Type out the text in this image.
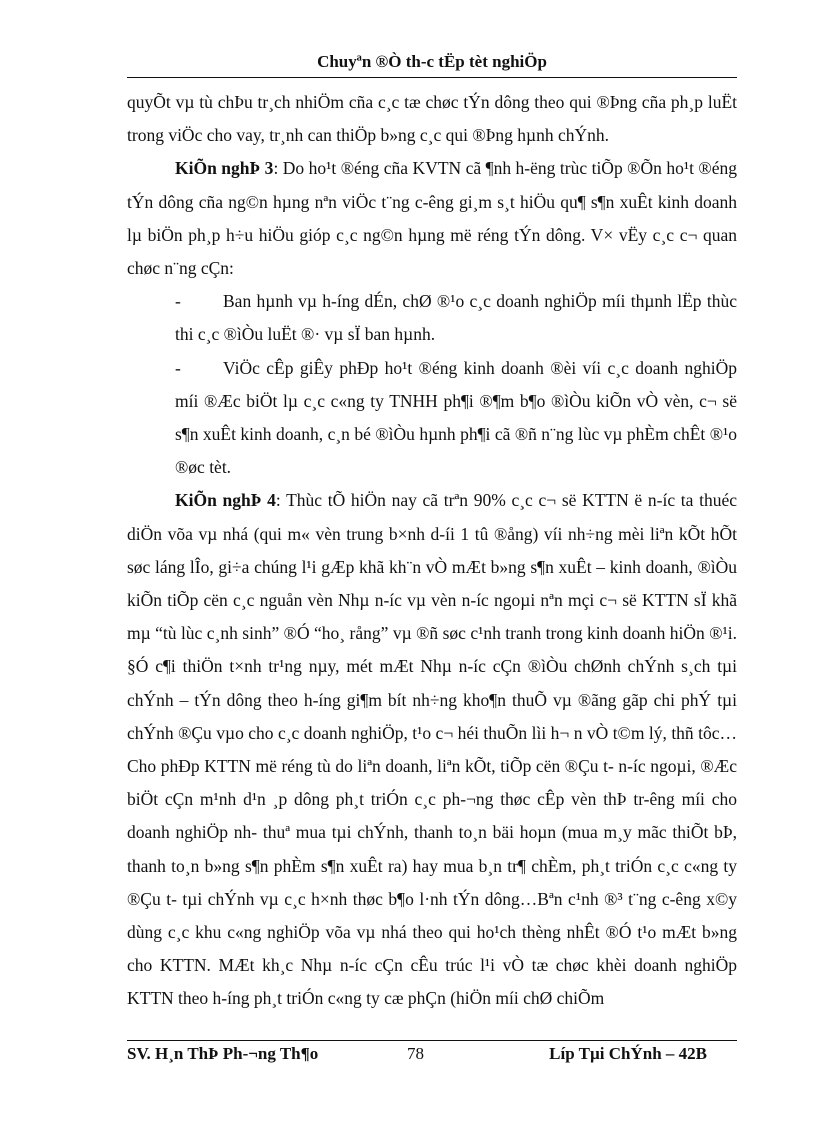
Chuyªn ®Ò th-c tËp tèt nghiÖp

quyÕt vµ tù chÞu tr¸ch nhiÖm cña c¸c tæ chøc tÝn dông theo qui ®Þng cña ph¸p luËt trong viÖc cho vay, tr¸nh can thiÖp b»ng c¸c qui ®Þng hµnh chÝnh.

KiÕn nghÞ 3: Do ho¹t ®éng cña KVTN cã ¶nh h-ëng trùc tiÕp ®Õn ho¹t ®éng tÝn dông cña ng©n hµng nªn viÖc t¨ng c-êng gi¸m s¸t hiÖu qu¶ s¶n xuÊt kinh doanh lµ biÖn ph¸p h÷u hiÖu gióp c¸c ng©n hµng më réng tÝn dông. V× vËy c¸c c¬ quan chøc n¨ng cÇn:

- Ban hµnh vµ h-íng dÉn, chØ ®¹o c¸c doanh nghiÖp míi thµnh lËp thùc thi c¸c ®ìÒu luËt ®· vµ sÏ ban hµnh.

- ViÖc cÊp giÊy phÐp ho¹t ®éng kinh doanh ®èi víi c¸c doanh nghiÖp míi ®Æc biÖt lµ c¸c c«ng ty TNHH ph¶i ®¶m b¶o ®ìÒu kiÕn vÒ vèn, c¬ së s¶n xuÊt kinh doanh, c¸n bé ®ìÒu hµnh ph¶i cã ®ñ n¨ng lùc vµ phÈm chÊt ®¹o ®øc tèt.

KiÕn nghÞ 4: Thùc tÕ hiÖn nay cã trªn 90% c¸c c¬ së KTTN ë n-íc ta thuéc diÖn võa vµ nhá (qui m« vèn trung b×nh d-íi 1 tû ®ång) víi nh÷ng mèi liªn kÕt hÕt søc láng lÎo, gi÷a chúng l¹i gÆp khã kh¨n vÒ mÆt b»ng s¶n xuÊt – kinh doanh, ®ìÒu kiÕn tiÕp cën c¸c nguån vèn Nhµ n-íc vµ vèn n-íc ngoµi nªn mçi c¬ së KTTN sÏ khã mµ “tù lùc c¸nh sinh” ®Ó “ho¸ rång” vµ ®ñ søc c¹nh tranh trong kinh doanh hiÖn ®¹i. §Ó c¶i thiÖn t×nh tr¹ng nµy, mét mÆt Nhµ n-íc cÇn ®ìÒu chØnh chÝnh s¸ch tµi chÝnh – tÝn dông theo h-íng gi¶m bít nh÷ng kho¶n thuÕ vµ ®ãng gãp chi phÝ tµi chÝnh ®Çu vµo cho c¸c doanh nghiÖp, t¹o c¬ héi thuÕn lìi h¬ n vÒ t©m lý, thñ tôc…Cho phÐp KTTN më réng tù do liªn doanh, liªn kÕt, tiÕp cën ®Çu t- n-íc ngoµi, ®Æc biÖt cÇn m¹nh d¹n ¸p dông ph¸t triÓn c¸c ph-¬ng thøc cÊp vèn thÞ tr-êng míi cho doanh nghiÖp nh- thuª mua tµi chÝnh, thanh to¸n bäi hoµn (mua m¸y mãc thiÕt bÞ, thanh to¸n b»ng s¶n phÈm s¶n xuÊt ra) hay mua b¸n tr¶ chÈm, ph¸t triÓn c¸c c«ng ty ®Çu t- tµi chÝnh vµ c¸c h×nh thøc b¶o l·nh tÝn dông…Bªn c¹nh ®³ t¨ng c-êng x©y dùng c¸c khu c«ng nghiÖp võa vµ nhá theo qui ho¹ch thèng nhÊt ®Ó t¹o mÆt b»ng cho KTTN. MÆt kh¸c Nhµ n-íc cÇn cÊu trúc l¹i vÒ tæ chøc khèi doanh nghiÖp KTTN theo h-íng ph¸t triÓn c«ng ty cæ phÇn (hiÖn míi chØ chiÕm

SV. H¸n ThÞ Ph-¬ng Th¶o	78	Líp Tµi ChÝnh – 42B
